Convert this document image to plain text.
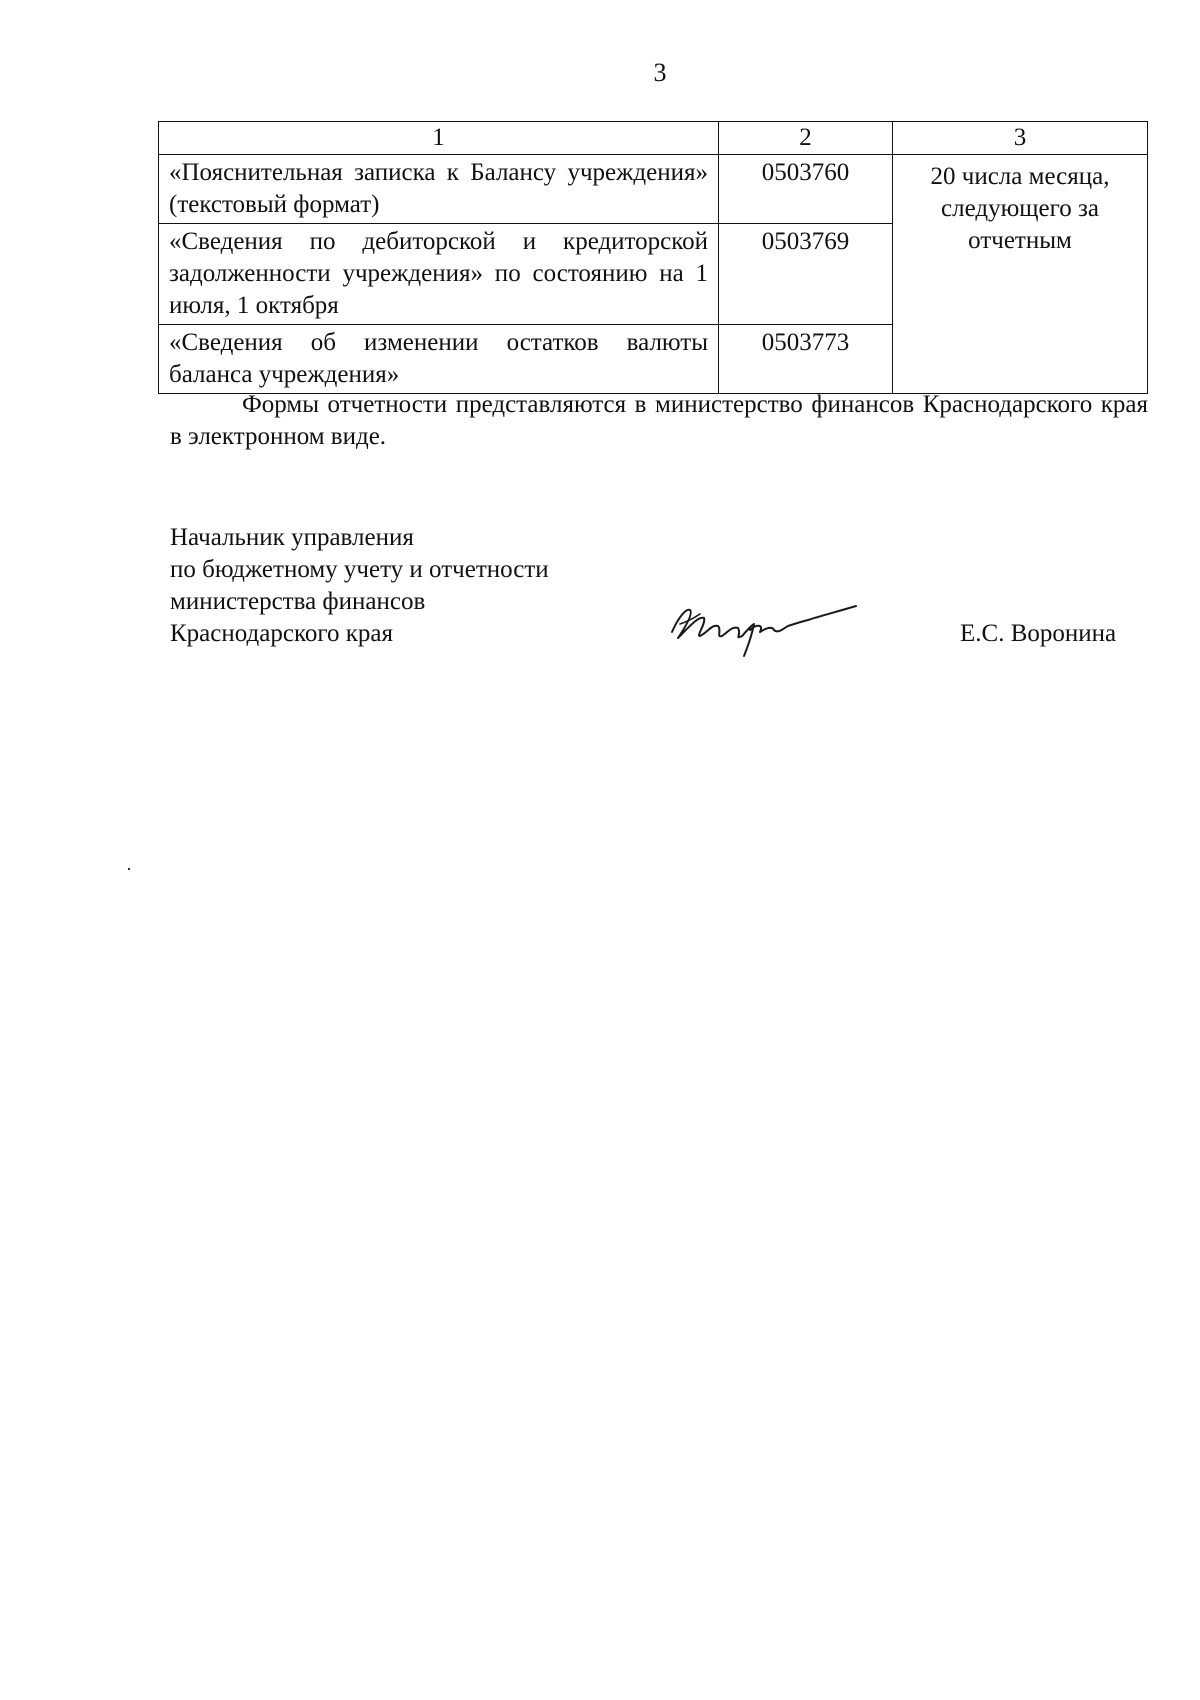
3
1	2	3
«Пояснительная записка к Балансу учреждения» (текстовый формат)	0503760	20 числа месяца, следующего за отчетным
«Сведения по дебиторской и кредиторской задолженности учреждения» по состоянию на 1 июля, 1 октября	0503769	
«Сведения об изменении остатков валюты баланса учреждения»	0503773	

Формы отчетности представляются в министерство финансов Краснодарского края в электронном виде.

Начальник управления
по бюджетному учету и отчетности
министерства финансов
Краснодарского края	Е.С. Воронина
